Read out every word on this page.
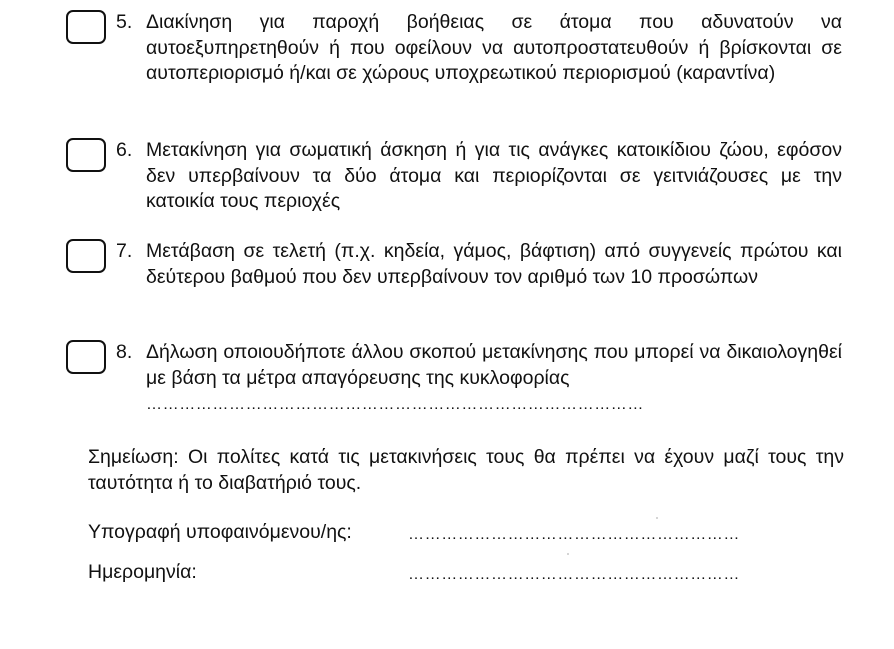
5. Διακίνηση για παροχή βοήθειας σε άτομα που αδυνατούν να αυτοεξυπηρετηθούν ή που οφείλουν να αυτοπροστατευθούν ή βρίσκονται σε αυτοπεριορισμό ή/και σε χώρους υποχρεωτικού περιορισμού (καραντίνα)
6. Μετακίνηση για σωματική άσκηση ή για τις ανάγκες κατοικίδιου ζώου, εφόσον δεν υπερβαίνουν τα δύο άτομα και περιορίζονται σε γειτνιάζουσες με την κατοικία τους περιοχές
7. Μετάβαση σε τελετή (π.χ. κηδεία, γάμος, βάφτιση) από συγγενείς πρώτου και δεύτερου βαθμού που δεν υπερβαίνουν τον αριθμό των 10 προσώπων
8. Δήλωση οποιουδήποτε άλλου σκοπού μετακίνησης που μπορεί να δικαιολογηθεί με βάση τα μέτρα απαγόρευσης της κυκλοφορίας
………………………………………………………………………………
Σημείωση: Οι πολίτες κατά τις μετακινήσεις τους θα πρέπει να έχουν μαζί τους την ταυτότητα ή το διαβατήριό τους.
Υπογραφή υποφαινόμενου/ης:	……………………………………………………
Ημερομηνία:	……………………………………………………
